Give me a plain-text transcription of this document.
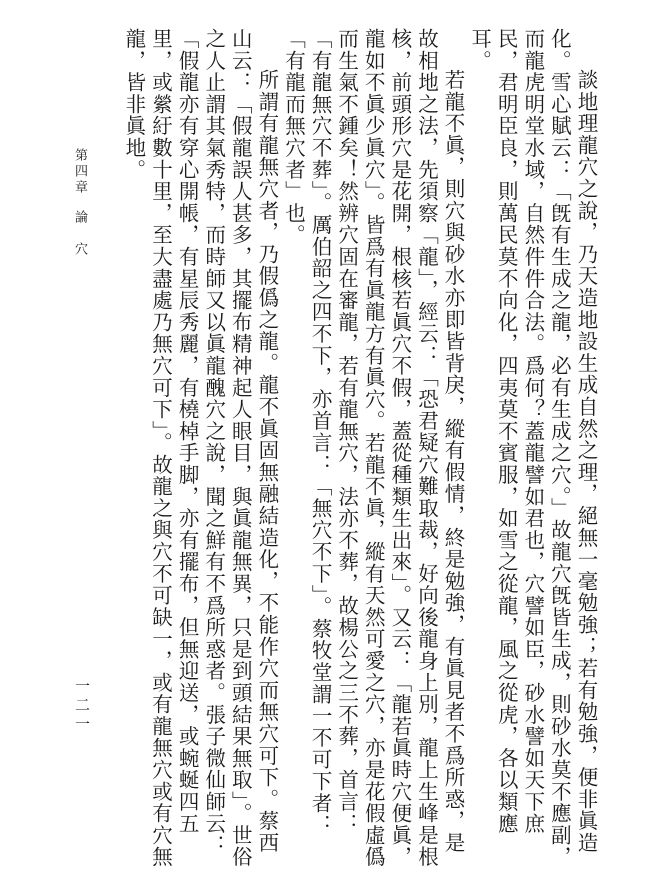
談地理龍穴之說，乃天造地設生成自然之理，絕無一毫勉強；若有勉強，便非眞造化。雪心賦云：「旣有生成之龍，必有生成之穴。」故龍穴旣皆生成，則砂水莫不應副，而龍虎明堂水域，自然件件合法。爲何？蓋龍譬如君也，穴譬如臣，砂水譬如天下庶民，君明臣良，則萬民莫不向化，四夷莫不賓服，如雪之從龍，風之從虎，各以類應耳。

若龍不眞，則穴與砂水亦即皆背戾，縱有假情，終是勉強，有眞見者不爲所惑，是故相地之法，先須察「龍」，經云：「恐君疑穴難取裁，好向後龍身上別，龍上生峰是根核，前頭形穴是花開，根核若眞穴不假，蓋從種類生出來」。又云：「龍若眞時穴便眞，龍如不眞少眞穴」。皆爲有眞龍方有眞穴。若龍不眞，縱有天然可愛之穴，亦是花假虛僞而生氣不鍾矣！然辨穴固在審龍，若有龍無穴，法亦不葬，故楊公之三不葬，首言：「有龍無穴不葬」。厲伯韶之四不下，亦首言：「無穴不下」。蔡牧堂謂一不可下者：「有龍而無穴者」也。

所謂有龍無穴者，乃假僞之龍。龍不眞固無融結造化，不能作穴而無穴可下。蔡西山云：「假龍誤人甚多，其擺布精神起人眼目，與眞龍無異，只是到頭結果無取」。世俗之人止謂其氣秀特，而時師又以眞龍醜穴之說，聞之鮮有不爲所惑者。張子微仙師云：「假龍亦有穿心開帳，有星辰秀麗，有橈棹手脚，亦有擺布，但無迎送，或蜿蜒四五里，或縈紆數十里，至大盡處乃無穴可下」。故龍之與穴不可缺一，或有龍無穴或有穴無龍，皆非眞地。

第四章論　穴
一二一
